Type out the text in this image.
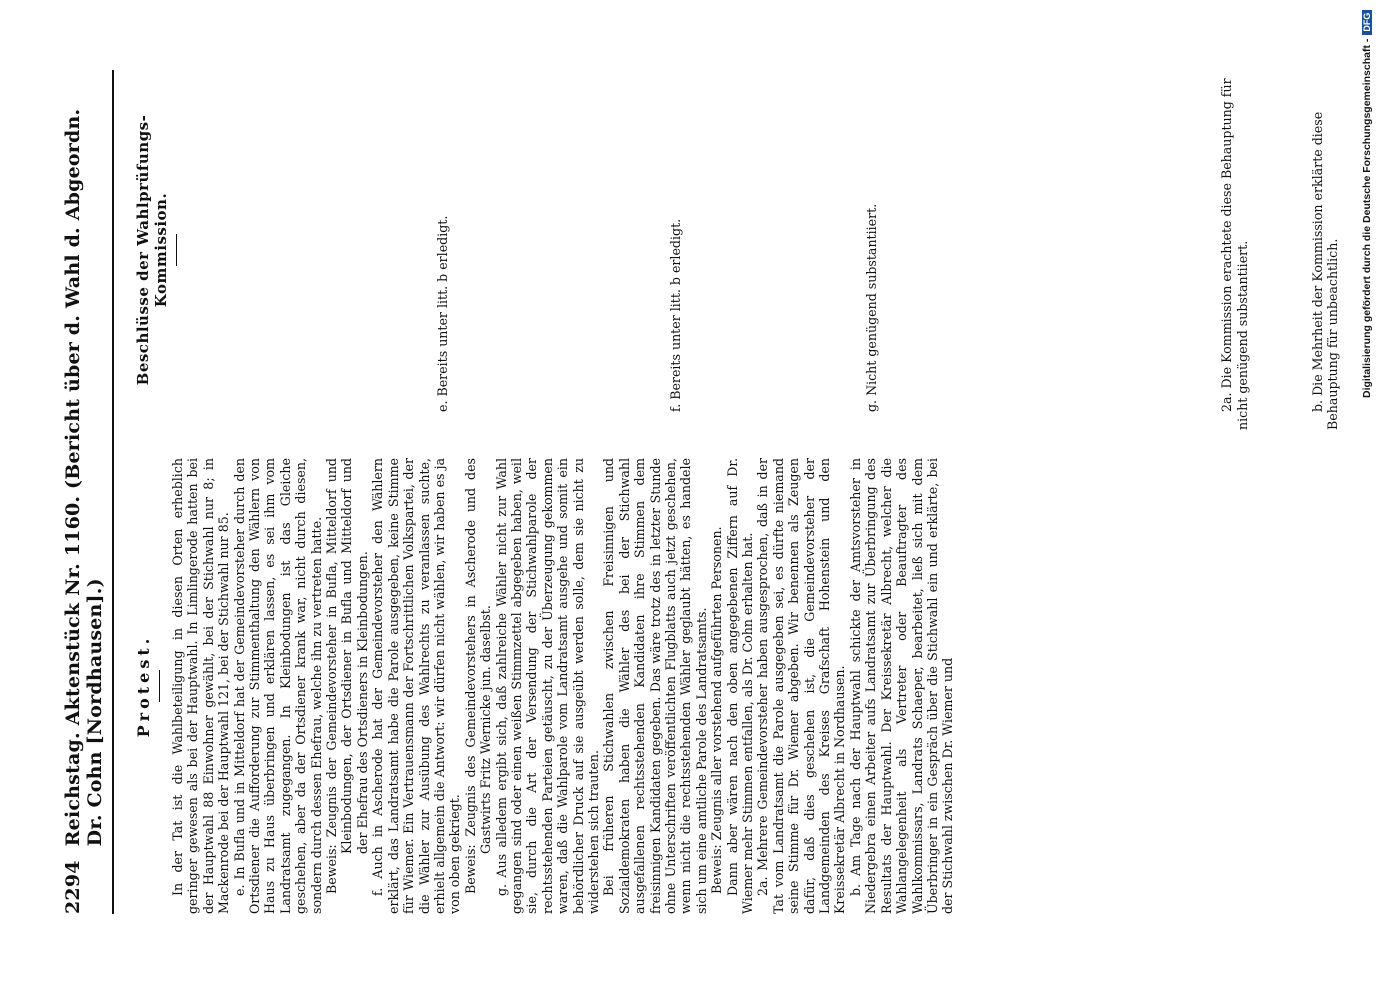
2294
Reichstag. Aktenstück Nr. 1160. (Bericht über d. Wahl d. Abgeordn. Dr. Cohn [Nordhausen].) Protest. In der Tat ist die Wahlbeteiligung in diesen Orten erheblich geringer gewesen als bei der Hauptwahl. In Limlingerode hatten bei der Hauptwahl 88 Einwohner gewählt, bei der Stichwahl nur 8; in Mackenrode bei der Hauptwahl 121, bei der Stichwahl nur 85. e. In Bufla und in Mitteldorf hat der Gemeindevorsteher durch den Ortsdiener die Aufforderung zur Stimmenthaltung den Wählern von Haus zu Haus überbringen und erklären lassen, es sei ihm vom Landratsamt zugegangen. In Kleinbodungen ist das Gleiche geschehen, aber da der Ortsdiener krank war, nicht durch diesen, sondern durch dessen Ehefrau, welche ihn zu vertreten hatte. Beweis: Zeugnis der Gemeindevorsteher in Bufla, Mitteldorf und Kleinbodungen, der Ortsdiener in Bufla und Mitteldorf und der Ehefrau des Ortsdieners in Kleinbodungen. f. Auch in Ascherode hat der Gemeindevorsteher den Wählern erklärt, das Landratsamt habe die Parole ausgegeben, keine Stimme für Wiemer. Ein Vertrauensmann der Fortschrittlichen Volkspartei, der die Wähler zur Ausübung des Wahlrechts zu veranlassen suchte, erhielt allgemein die Antwort: wir dürfen nicht wählen, wir haben es ja von oben gekriegt. Beweis: Zeugnis des Gemeindevorstehers in Ascherode und des Gastwirts Fritz Wernicke jun. daselbst. g. Aus alledem ergibt sich, daß zahlreiche Wähler nicht zur Wahl gegangen sind oder einen weißen Stimmzettel abgegeben haben, weil sie, durch die Art der Versendung der Stichwahlparole der rechtsstehenden Parteien getäuscht, zu der Überzeugung gekommen waren, daß die Wahlparole vom Landratsamt ausgehe und somit ein behördlicher Druck auf sie ausgeübt werden solle, dem sie nicht zu widerstehen sich trauten. Bei früheren Stichwahlen zwischen Freisinnigen und Sozialdemokraten haben die Wähler des bei der Stichwahl ausgefallenen rechtsstehenden Kandidaten ihre Stimmen dem freisinnigen Kandidaten gegeben. Das wäre trotz des in letzter Stunde ohne Unterschriften veröffentlichten Flugblatts auch jetzt geschehen, wenn nicht die rechtsstehenden Wähler geglaubt hätten, es handele sich um eine amtliche Parole des Landratsamts. Beweis: Zeugnis aller vorstehend aufgeführten Personen. Dann aber wären nach den oben angegebenen Ziffern auf Dr. Wiemer mehr Stimmen entfallen, als Dr. Cohn erhalten hat. 2a. Mehrere Gemeindevorsteher haben ausgesprochen, daß in der Tat vom Landratsamt die Parole ausgegeben sei, es dürfte niemand seine Stimme für Dr. Wiemer abgeben. Wir benennen als Zeugen dafür, daß dies geschehen ist, die Gemeindevorsteher der Landgemeinden des Kreises Grafschaft Hohenstein und den Kreissekretär Albrecht in Nordhausen. b. Am Tage nach der Hauptwahl schickte der Amtsvorsteher in Niedergebra einen Arbeiter aufs Landratsamt zur Überbringung des Resultats der Hauptwahl. Der Kreissekretär Albrecht, welcher die Wahlangelegenheit als Vertreter oder Beauftragter des Wahlkommissars, Landrats Schaeper, bearbeitet, ließ sich mit dem Überbringer in ein Gespräch über die Stichwahl ein und erklärte, bei der Stichwahl zwischen Dr. Wiemer und

Beschlüsse der Wahlprüfungs-Kommission.	e. Bereits unter litt. b erledigt.	f. Bereits unter litt. b erledigt.	g. Nicht genügend substantiiert.	2a. Die Kommission erachtete diese Behauptung für nicht genügend substantiiert.	b. Die Mehrheit der Kommission erklärte diese Behauptung für unbeachtlich. Digitalisierung gefördert durch die Deutsche Forschungsgemeinschaft -DFG
